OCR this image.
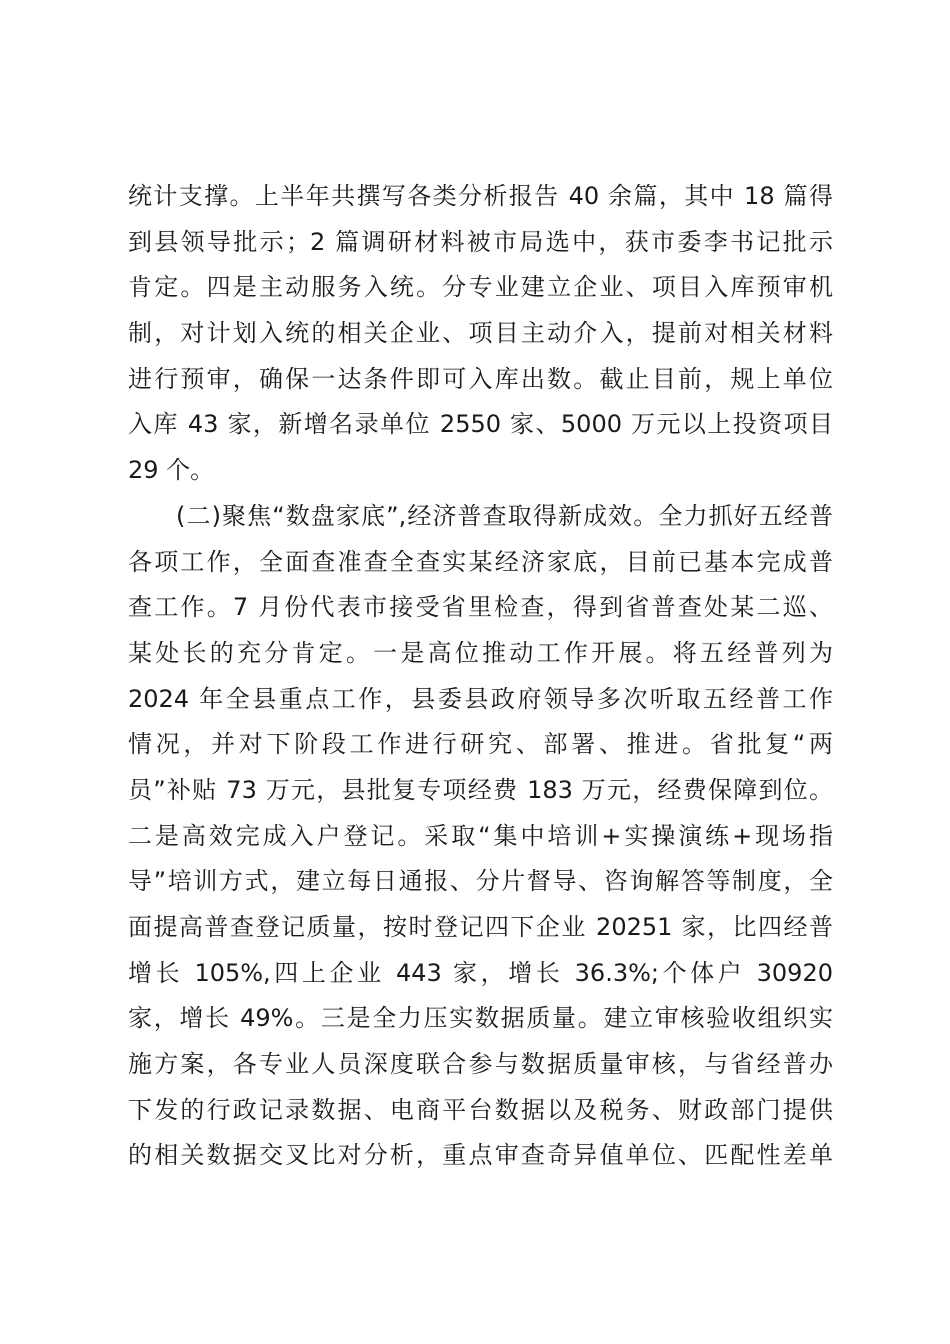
统计支撑。上半年共撰写各类分析报告 40 余篇，其中 18 篇得
到县领导批示；2 篇调研材料被市局选中，获市委李书记批示
肯定。四是主动服务入统。分专业建立企业、项目入库预审机
制，对计划入统的相关企业、项目主动介入，提前对相关材料
进行预审，确保一达条件即可入库出数。截止目前，规上单位
入库 43 家，新增名录单位 2550 家、5000 万元以上投资项目
29 个。
(二)聚焦“数盘家底”,经济普查取得新成效。全力抓好五经普
各项工作，全面查准查全查实某经济家底，目前已基本完成普
查工作。7 月份代表市接受省里检查，得到省普查处某二巡、
某处长的充分肯定。一是高位推动工作开展。将五经普列为
2024 年全县重点工作，县委县政府领导多次听取五经普工作
情况，并对下阶段工作进行研究、部署、推进。省批复“两
员”补贴 73 万元，县批复专项经费 183 万元，经费保障到位。
二是高效完成入户登记。采取“集中培训+实操演练+现场指
导”培训方式，建立每日通报、分片督导、咨询解答等制度，全
面提高普查登记质量，按时登记四下企业 20251 家，比四经普
增长 105%,四上企业 443 家，增长 36.3%;个体户 30920
家，增长 49%。三是全力压实数据质量。建立审核验收组织实
施方案，各专业人员深度联合参与数据质量审核，与省经普办
下发的行政记录数据、电商平台数据以及税务、财政部门提供
的相关数据交叉比对分析，重点审查奇异值单位、匹配性差单
